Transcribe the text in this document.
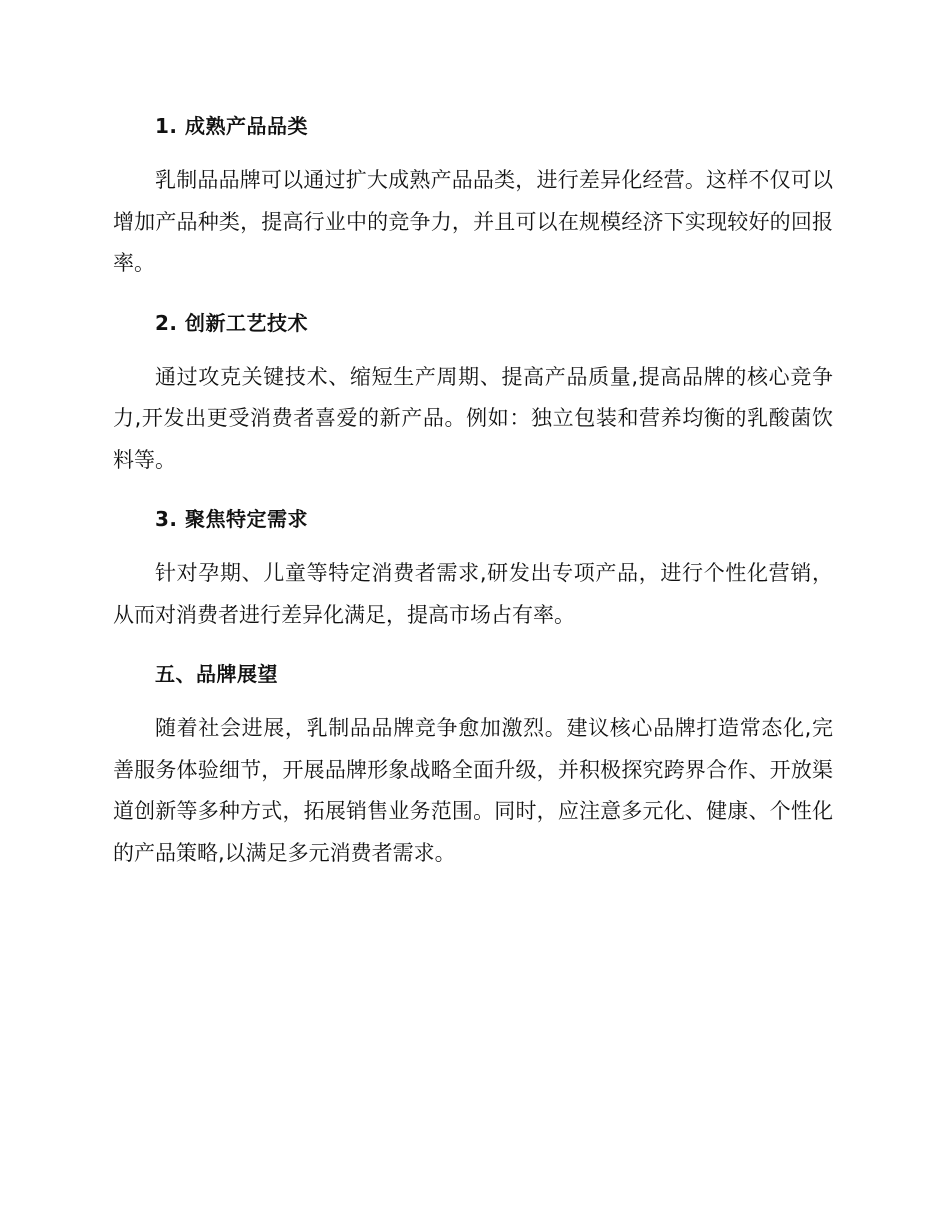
1. 成熟产品品类

乳制品品牌可以通过扩大成熟产品品类，进行差异化经营。这样不仅可以增加产品种类，提高行业中的竞争力，并且可以在规模经济下实现较好的回报率。

2. 创新工艺技术

通过攻克关键技术、缩短生产周期、提高产品质量,提高品牌的核心竞争力,开发出更受消费者喜爱的新产品。例如：独立包装和营养均衡的乳酸菌饮料等。

3. 聚焦特定需求

针对孕期、儿童等特定消费者需求,研发出专项产品，进行个性化营销，从而对消费者进行差异化满足，提高市场占有率。

五、品牌展望

随着社会进展，乳制品品牌竞争愈加激烈。建议核心品牌打造常态化,完善服务体验细节，开展品牌形象战略全面升级，并积极探究跨界合作、开放渠道创新等多种方式，拓展销售业务范围。同时，应注意多元化、健康、个性化的产品策略,以满足多元消费者需求。
